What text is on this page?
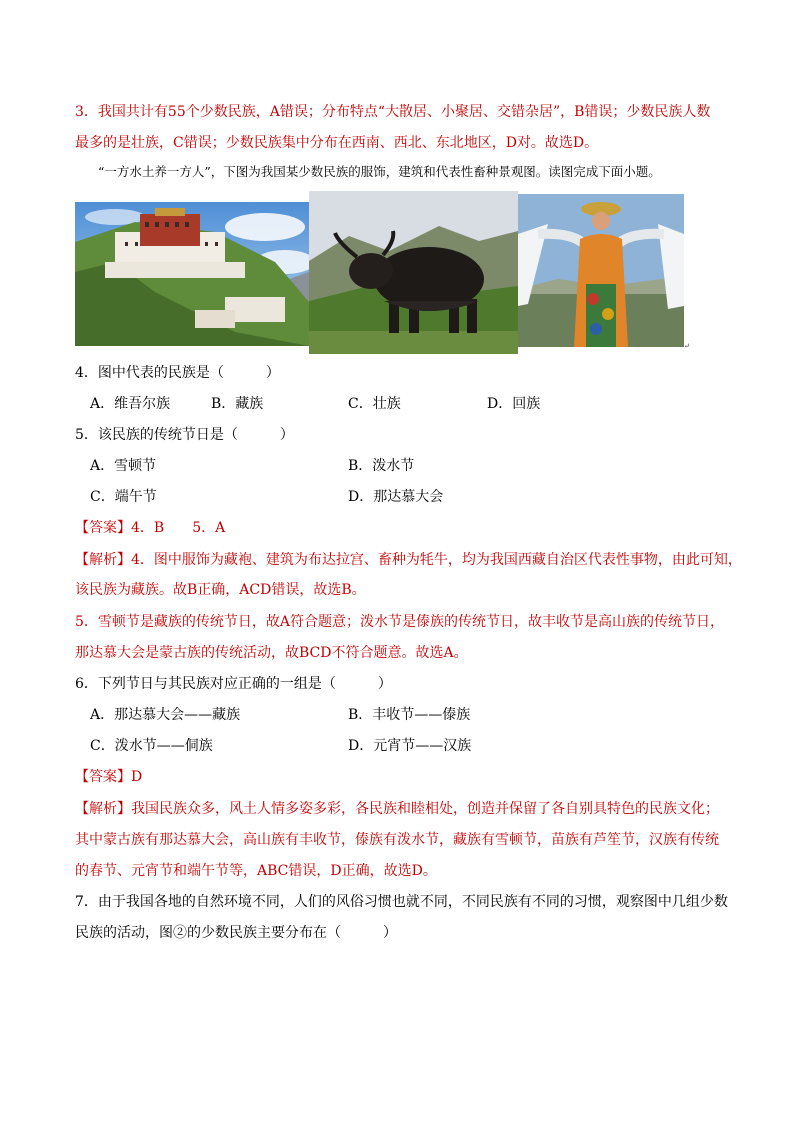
3．我国共计有55个少数民族，A错误；分布特点“大散居、小聚居、交错杂居”，B错误；少数民族人数
最多的是壮族，C错误；少数民族集中分布在西南、西北、东北地区，D对。故选D。
“一方水土养一方人”，下图为我国某少数民族的服饰，建筑和代表性畜种景观图。读图完成下面小题。
↵
4．图中代表的民族是（　　　）
A．维吾尔族	B．藏族	C．壮族	D．回族
5．该民族的传统节日是（　　　）
A．雪顿节	B．泼水节
C．端午节	D．那达慕大会
【答案】4．B　　5．A
【解析】4．图中服饰为藏袍、建筑为布达拉宫、畜种为牦牛，均为我国西藏自治区代表性事物，由此可知，
该民族为藏族。故B正确，ACD错误，故选B。
5．雪顿节是藏族的传统节日，故A符合题意；泼水节是傣族的传统节日，故丰收节是高山族的传统节日，
那达慕大会是蒙古族的传统活动，故BCD不符合题意。故选A。
6．下列节日与其民族对应正确的一组是（　　　）
A．那达慕大会——藏族	B．丰收节——傣族
C．泼水节——侗族	D．元宵节——汉族
【答案】D
【解析】我国民族众多，风土人情多姿多彩，各民族和睦相处，创造并保留了各自别具特色的民族文化；
其中蒙古族有那达慕大会，高山族有丰收节，傣族有泼水节，藏族有雪顿节，苗族有芦笙节，汉族有传统
的春节、元宵节和端午节等，ABC错误，D正确，故选D。
7．由于我国各地的自然环境不同，人们的风俗习惯也就不同，不同民族有不同的习惯，观察图中几组少数
民族的活动，图②的少数民族主要分布在（　　　）
